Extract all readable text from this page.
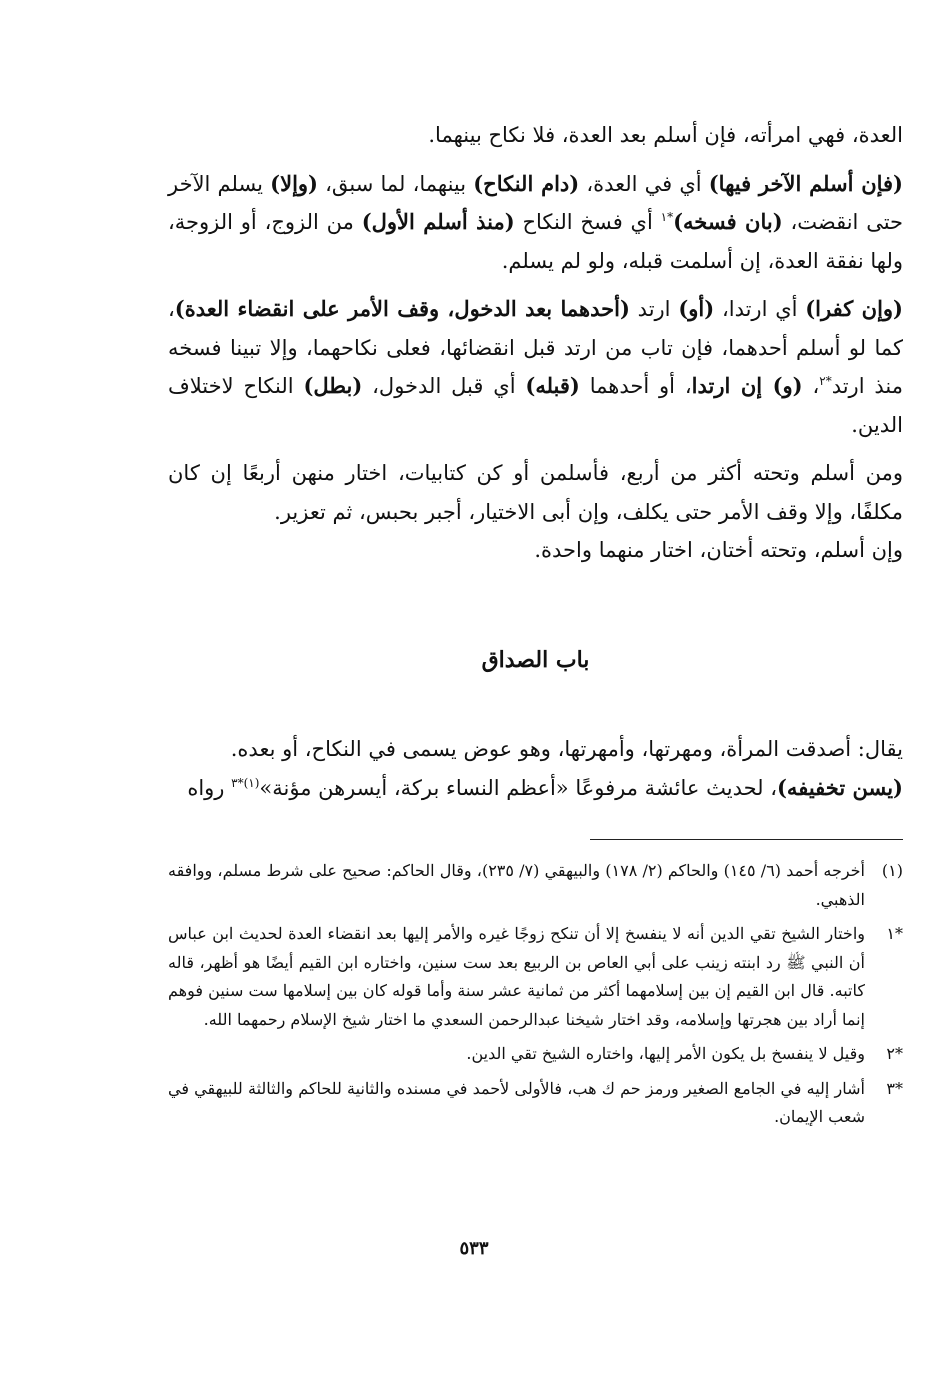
العدة، فهي امرأته، فإن أسلم بعد العدة، فلا نكاح بينهما.

(فإن أسلم الآخر فيها) أي في العدة، (دام النكاح) بينهما، لما سبق، (وإلا) يسلم الآخر حتى انقضت، (بان فسخه)$^{*١}$ أي فسخ النكاح (منذ أسلم الأول) من الزوج، أو الزوجة، ولها نفقة العدة، إن أسلمت قبله، ولو لم يسلم.

(وإن كفرا) أي ارتدا، (أو) ارتد (أحدهما بعد الدخول، وقف الأمر على انقضاء العدة)، كما لو أسلم أحدهما، فإن تاب من ارتد قبل انقضائها، فعلى نكاحهما، وإلا تبينا فسخه منذ ارتد$^{*٢}$، (و) إن ارتدا، أو أحدهما (قبله) أي قبل الدخول، (بطل) النكاح لاختلاف الدين.

ومن أسلم وتحته أكثر من أربع، فأسلمن أو كن كتابيات، اختار منهن أربعًا إن كان مكلفًا، وإلا وقف الأمر حتى يكلف، وإن أبى الاختيار، أجبر بحبس، ثم تعزير.

وإن أسلم، وتحته أختان، اختار منهما واحدة.

باب الصداق

يقال: أصدقت المرأة، ومهرتها، وأمهرتها، وهو عوض يسمى في النكاح، أو بعده.

(يسن تخفيفه)، لحديث عائشة مرفوعًا «أعظم النساء بركة، أيسرهن مؤنة»$^{(١)*٣}$ رواه

(١)
أخرجه أحمد (٦/ ١٤٥) والحاكم (٢/ ١٧٨) والبيهقي (٧/ ٢٣٥)، وقال الحاكم: صحيح على شرط مسلم، ووافقه الذهبي.
*١
واختار الشيخ تقي الدين أنه لا ينفسخ إلا أن تنكح زوجًا غيره والأمر إليها بعد انقضاء العدة لحديث ابن عباس أن النبي ﷺ رد ابنته زينب على أبي العاص بن الربيع بعد ست سنين، واختاره ابن القيم أيضًا هو أظهر، قاله كاتبه. قال ابن القيم إن بين إسلامهما أكثر من ثمانية عشر سنة وأما قوله كان بين إسلامها ست سنين فوهم إنما أراد بين هجرتها وإسلامه، وقد اختار شيخنا عبدالرحمن السعدي ما اختار شيخ الإسلام رحمهما الله.
*٢
وقيل لا ينفسخ بل يكون الأمر إليها، واختاره الشيخ تقي الدين.
*٣
أشار إليه في الجامع الصغير ورمز حم ك هب، فالأولى لأحمد في مسنده والثانية للحاكم والثالثة للبيهقي في شعب الإيمان.
٥٣٣
